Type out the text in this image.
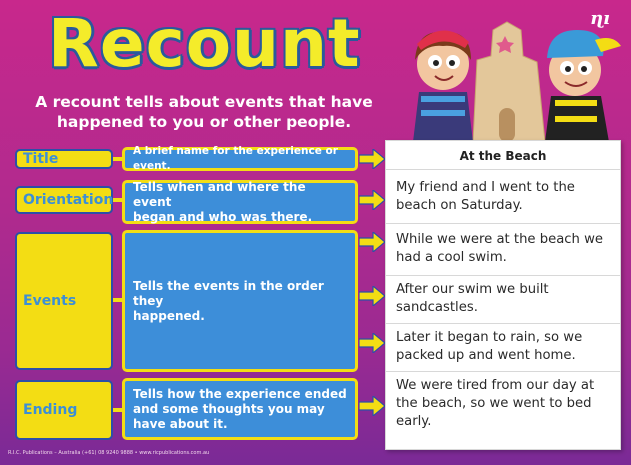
Recount
A recount tells about events that have
happened to you or other people.
ɳı
Title	A brief name for the experience or event.
Orientation
Tells when and where the event
began and who was there.
Events
Tells the events in the order they
happened.
Ending
Tells how the experience ended
and some thoughts you may
have about it.
At the Beach
My friend and I went to the
beach on Saturday.
While we were at the beach we
had a cool swim.
After our swim we built
sandcastles.
Later it began to rain, so we
packed up and went home.
We were tired from our day at
the beach, so we went to bed
early.
R.I.C. Publications – Australia (+61) 08 9240 9888 • www.ricpublications.com.au
